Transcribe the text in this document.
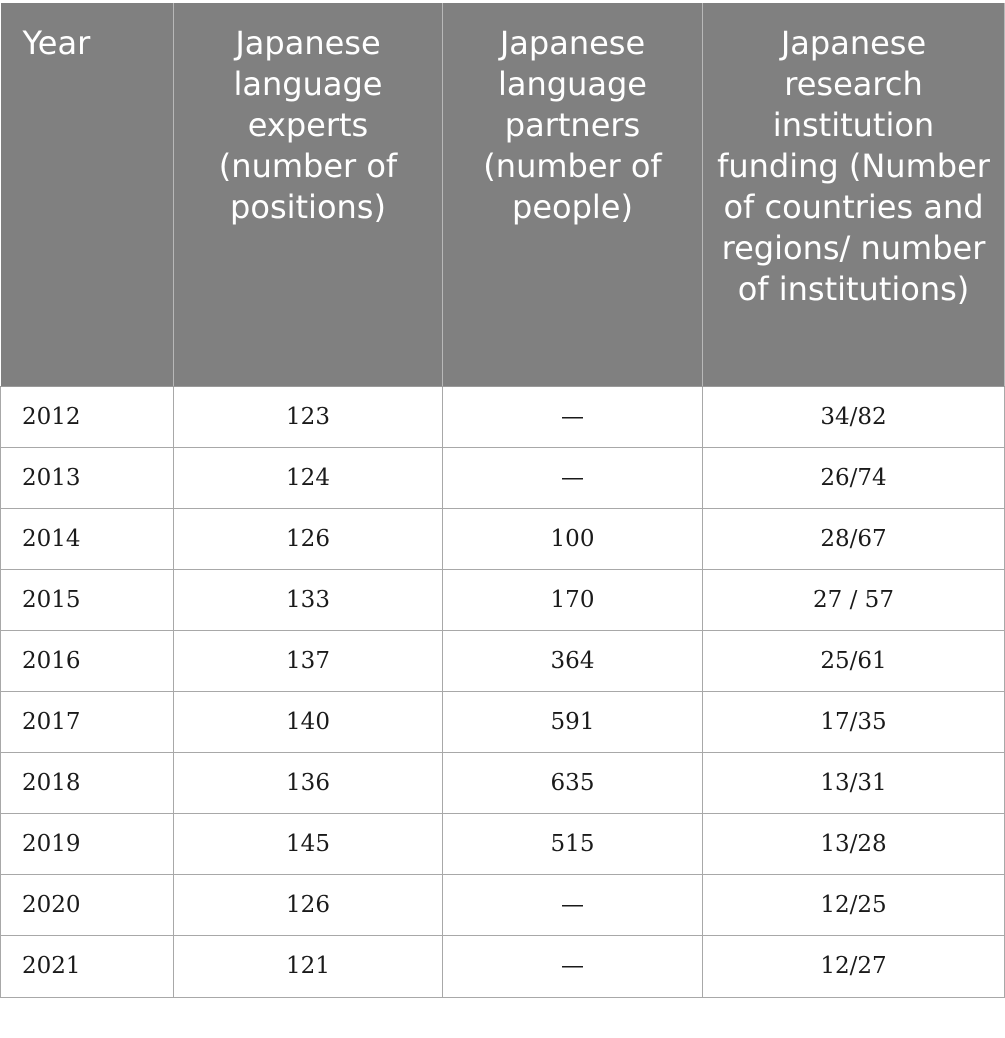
Year	Japanese language experts (number of positions)	Japanese language partners (number of people)	Japanese research institution funding (Number of countries and regions/ number of institutions)
2012	123	—	34/82
2013	124	—	26/74
2014	126	100	28/67
2015	133	170	27 / 57
2016	137	364	25/61
2017	140	591	17/35
2018	136	635	13/31
2019	145	515	13/28
2020	126	—	12/25
2021	121	—	12/27
